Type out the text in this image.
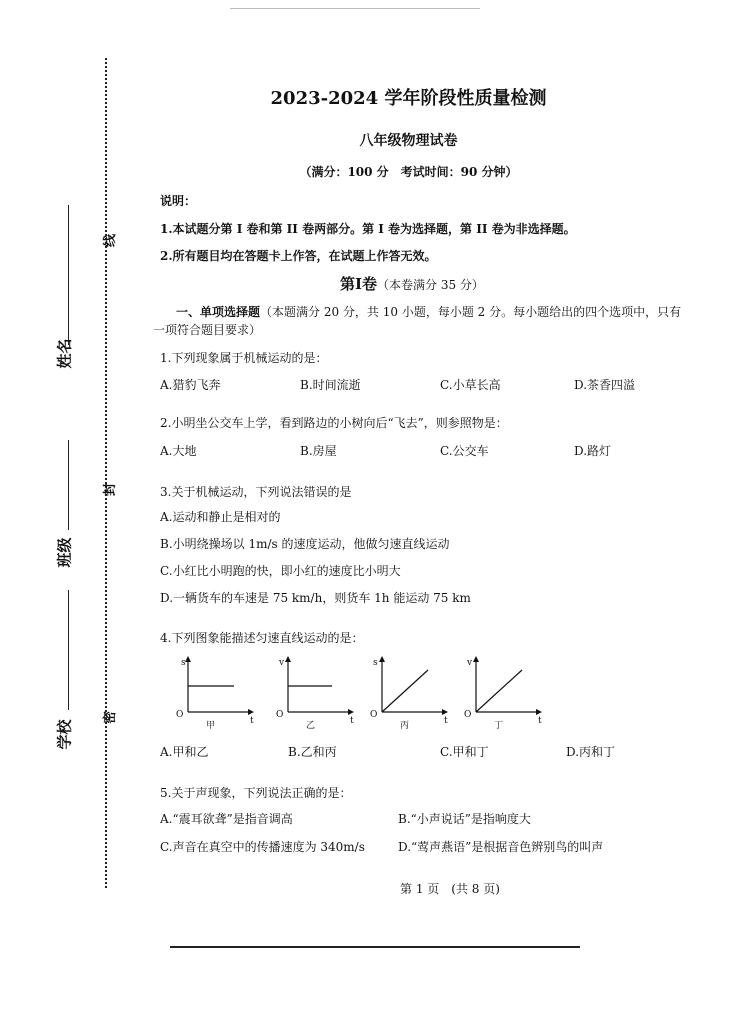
姓名
班级
学校
线
封
密
2023-2024 学年阶段性质量检测
八年级物理试卷
（满分：100 分　考试时间：90 分钟）
说明：
1.本试题分第 I 卷和第 II 卷两部分。第 I 卷为选择题，第 II 卷为非选择题。
2.所有题目均在答题卡上作答，在试题上作答无效。
第Ⅰ卷（本卷满分 35 分）
一、单项选择题（本题满分 20 分，共 10 小题，每小题 2 分。每小题给出的四个选项中，只有
一项符合题目要求）
1.下列现象属于机械运动的是：
A.猎豹飞奔	B.时间流逝	C.小草长高	D.茶香四溢
2.小明坐公交车上学，看到路边的小树向后“飞去”，则参照物是：
A.大地	B.房屋	C.公交车	D.路灯
3.关于机械运动，下列说法错误的是
A.运动和静止是相对的
B.小明绕操场以 1m/s 的速度运动，他做匀速直线运动
C.小红比小明跑的快，即小红的速度比小明大
D.一辆货车的车速是 75 km/h，则货车 1h 能运动 75 km
4.下列图象能描述匀速直线运动的是：
s
O
t
甲
v
O
t
乙
s
O
t
丙
v
O
t
丁
A.甲和乙	B.乙和丙	C.甲和丁	D.丙和丁
5.关于声现象，下列说法正确的是：
A.“震耳欲聋”是指音调高	B.“小声说话”是指响度大
C.声音在真空中的传播速度为 340m/s	D.“莺声燕语”是根据音色辨别鸟的叫声
第 1 页　(共 8 页)
